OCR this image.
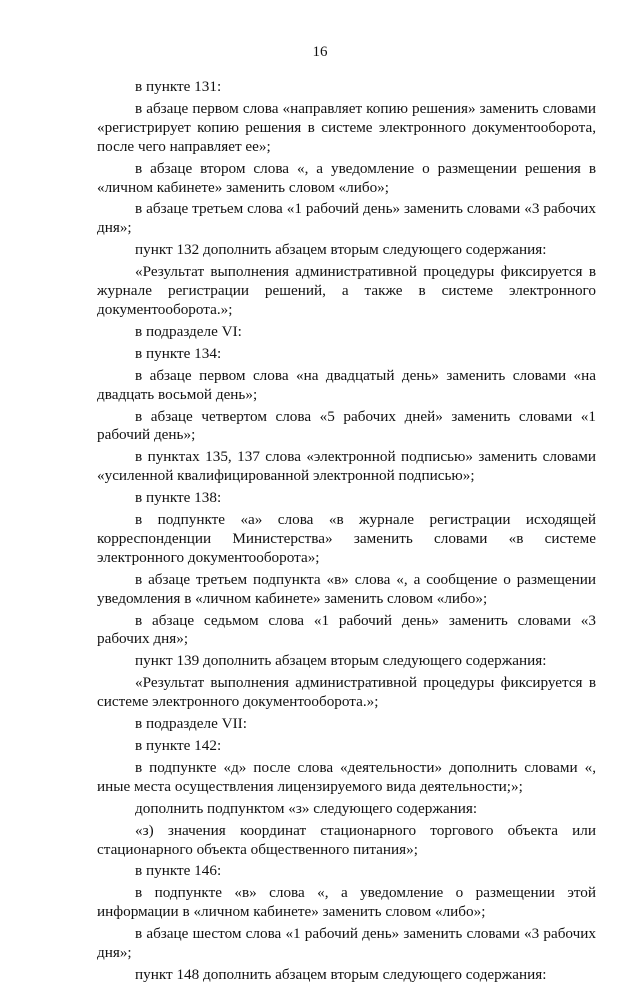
16

в пункте 131:

в абзаце первом слова «направляет копию решения» заменить словами «регистрирует копию решения в системе электронного документооборота, после чего направляет ее»;

в абзаце втором слова «, а уведомление о размещении решения в «личном кабинете» заменить словом «либо»;

в абзаце третьем слова «1 рабочий день» заменить словами «3 рабочих дня»;

пункт 132 дополнить абзацем вторым следующего содержания:

«Результат выполнения административной процедуры фиксируется в журнале регистрации решений, а также в системе электронного документооборота.»;

в подразделе VI:

в пункте 134:

в абзаце первом слова «на двадцатый день» заменить словами «на двадцать восьмой день»;

в абзаце четвертом слова «5 рабочих дней» заменить словами «1 рабочий день»;

в пунктах 135, 137 слова «электронной подписью» заменить словами «усиленной квалифицированной электронной подписью»;

в пункте 138:

в подпункте «а» слова «в журнале регистрации исходящей корреспонденции Министерства» заменить словами «в системе электронного документооборота»;

в абзаце третьем подпункта «в» слова «, а сообщение о размещении уведомления в «личном кабинете» заменить словом «либо»;

в абзаце седьмом слова «1 рабочий день» заменить словами «3 рабочих дня»;

пункт 139 дополнить абзацем вторым следующего содержания:

«Результат выполнения административной процедуры фиксируется в системе электронного документооборота.»;

в подразделе VII:

в пункте 142:

в подпункте «д» после слова «деятельности» дополнить словами «, иные места осуществления лицензируемого вида деятельности;»;

дополнить подпунктом «з» следующего содержания:

«з) значения координат стационарного торгового объекта или стационарного объекта общественного питания»;

в пункте 146:

в подпункте «в» слова «, а уведомление о размещении этой информации в «личном кабинете» заменить словом «либо»;

в абзаце шестом слова «1 рабочий день» заменить словами «3 рабочих дня»;

пункт 148 дополнить абзацем вторым следующего содержания:
